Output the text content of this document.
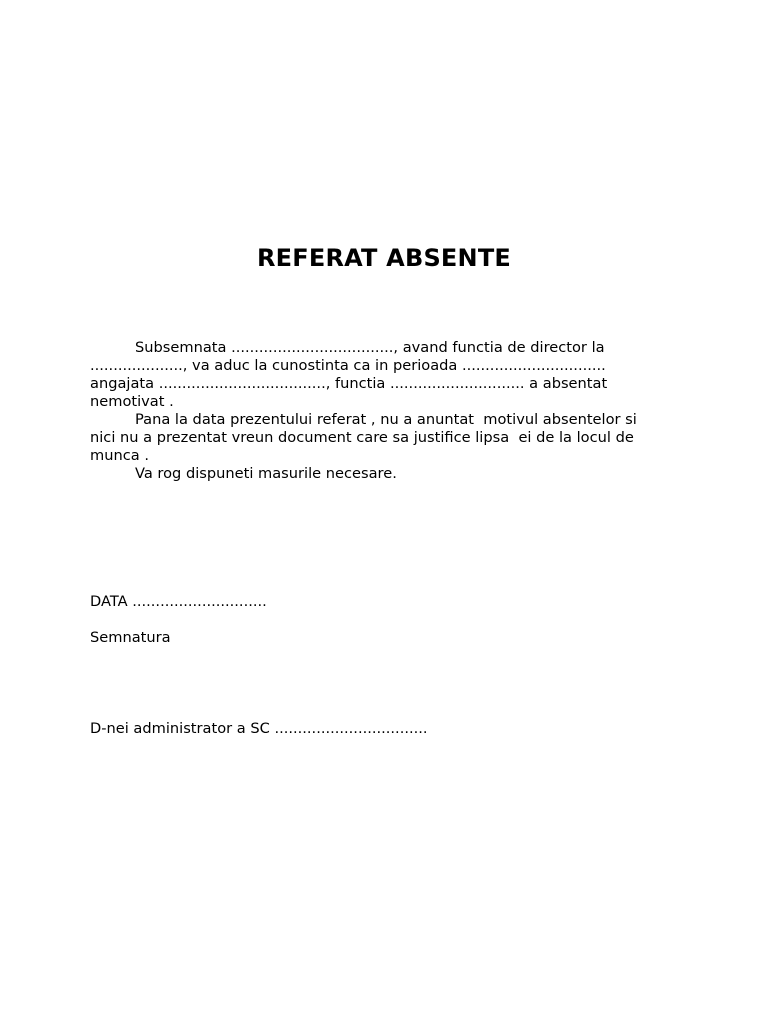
REFERAT ABSENTE
Subsemnata ..................................., avand functia de director la
...................., va aduc la cunostinta ca in perioada ...............................
angajata ...................................., functia ............................. a absentat
nemotivat .
Pana la data prezentului referat , nu a anuntat  motivul absentelor si
nici nu a prezentat vreun document care sa justifice lipsa  ei de la locul de
munca .
Va rog dispuneti masurile necesare.
DATA .............................
Semnatura
D-nei administrator a SC .................................
